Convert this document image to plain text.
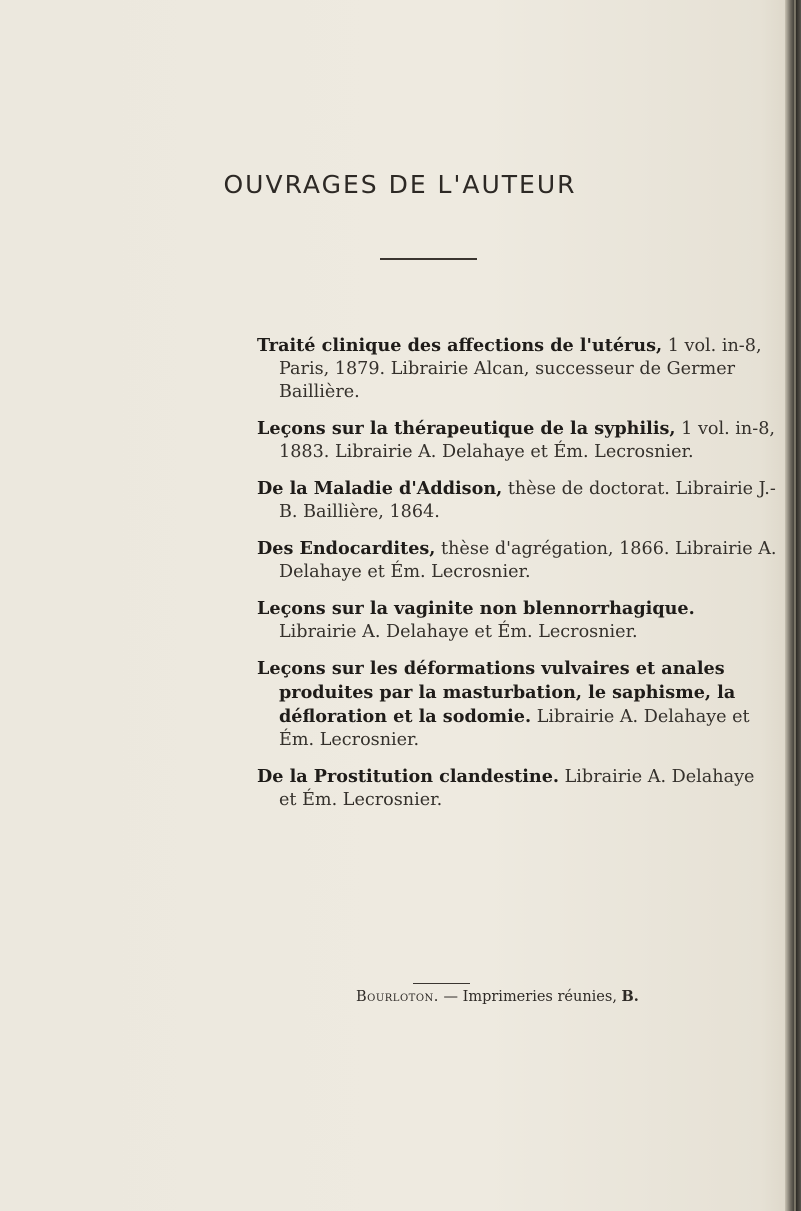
OUVRAGES DE L'AUTEUR

Traité clinique des affections de l'utérus, 1 vol. in-8, Paris, 1879. Librairie Alcan, successeur de Germer Baillière.

Leçons sur la thérapeutique de la syphilis, 1 vol. in-8, 1883. Librairie A. Delahaye et Ém. Lecrosnier.

De la Maladie d'Addison, thèse de doctorat. Librairie J.-B. Baillière, 1864.

Des Endocardites, thèse d'agrégation, 1866. Librairie A. Delahaye et Ém. Lecrosnier.

Leçons sur la vaginite non blennorrhagique. Librairie A. Delahaye et Ém. Lecrosnier.

Leçons sur les déformations vulvaires et anales produites par la masturbation, le saphisme, la défloration et la sodomie. Librairie A. Delahaye et Ém. Lecrosnier.

De la Prostitution clandestine. Librairie A. Delahaye et Ém. Lecrosnier.

Bourloton. — Imprimeries réunies, B.
